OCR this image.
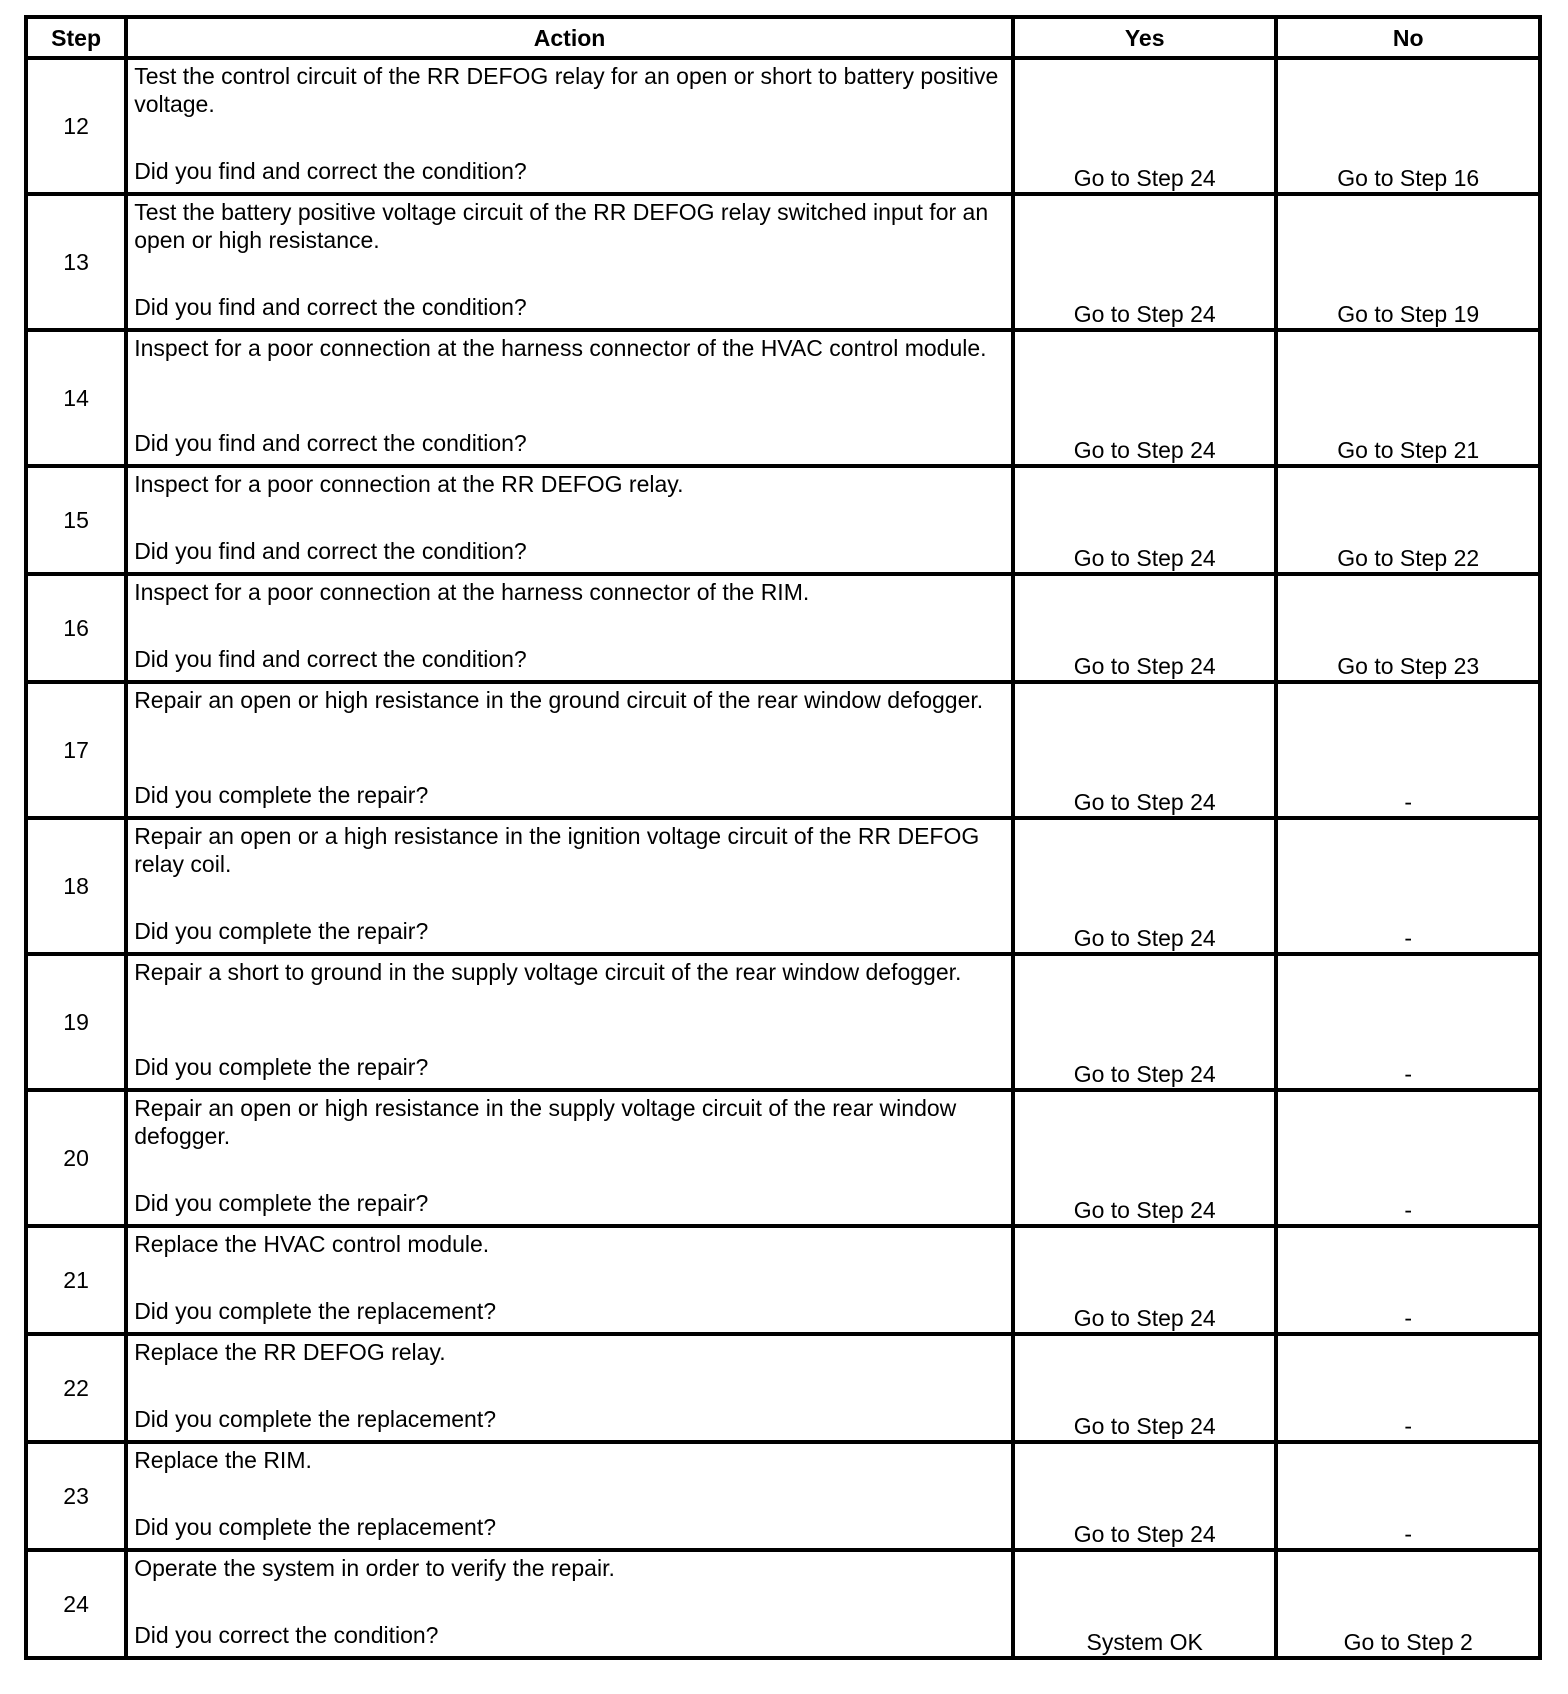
Step	Action	Yes	No
12	Test the control circuit of the RR DEFOG relay for an open or short to battery positive voltage.
Did you find and correct the condition?	Go to Step 24	Go to Step 16
13	Test the battery positive voltage circuit of the RR DEFOG relay switched input for an open or high resistance.
Did you find and correct the condition?	Go to Step 24	Go to Step 19
14	Inspect for a poor connection at the harness connector of the HVAC control module.
Did you find and correct the condition?	Go to Step 24	Go to Step 21
15	Inspect for a poor connection at the RR DEFOG relay.
Did you find and correct the condition?	Go to Step 24	Go to Step 22
16	Inspect for a poor connection at the harness connector of the RIM.
Did you find and correct the condition?	Go to Step 24	Go to Step 23
17	Repair an open or high resistance in the ground circuit of the rear window defogger.
Did you complete the repair?	Go to Step 24	-
18	Repair an open or a high resistance in the ignition voltage circuit of the RR DEFOG relay coil.
Did you complete the repair?	Go to Step 24	-
19	Repair a short to ground in the supply voltage circuit of the rear window defogger.
Did you complete the repair?	Go to Step 24	-
20	Repair an open or high resistance in the supply voltage circuit of the rear window defogger.
Did you complete the repair?	Go to Step 24	-
21	Replace the HVAC control module.
Did you complete the replacement?	Go to Step 24	-
22	Replace the RR DEFOG relay.
Did you complete the replacement?	Go to Step 24	-
23	Replace the RIM.
Did you complete the replacement?	Go to Step 24	-
24	Operate the system in order to verify the repair.
Did you correct the condition?	System OK	Go to Step 2
